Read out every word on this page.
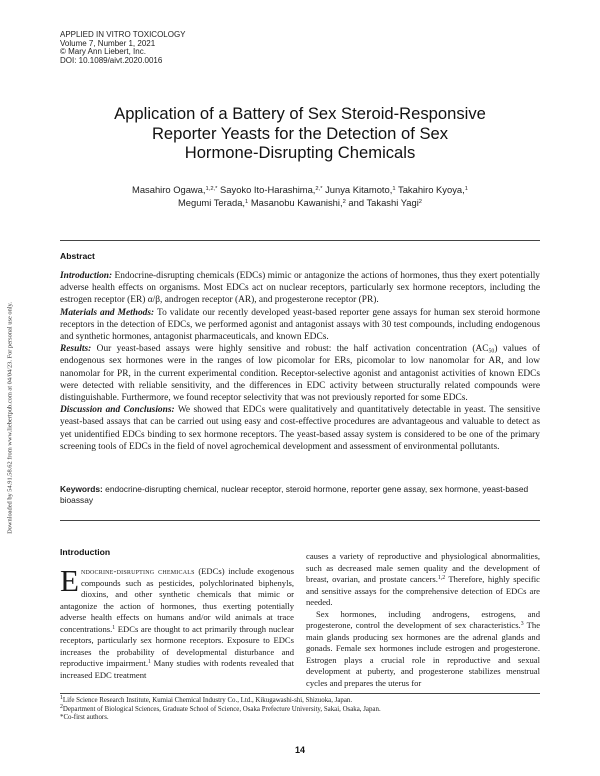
APPLIED IN VITRO TOXICOLOGY
Volume 7, Number 1, 2021
© Mary Ann Liebert, Inc.
DOI: 10.1089/aivt.2020.0016
Downloaded by 54.91.58.62 from www.liebertpub.com at 04/04/23. For personal use only.
Application of a Battery of Sex Steroid-Responsive
Reporter Yeasts for the Detection of Sex
Hormone-Disrupting Chemicals
Masahiro Ogawa,$^{1,2,*}$ Sayoko Ito-Harashima,$^{2,*}$ Junya Kitamoto,$^1$ Takahiro Kyoya,$^1$
Megumi Terada,$^1$ Masanobu Kawanishi,$^2$ and Takashi Yagi$^2$
Abstract

Introduction: Endocrine-disrupting chemicals (EDCs) mimic or antagonize the actions of hormones, thus they exert potentially adverse health effects on organisms. Most EDCs act on nuclear receptors, particularly sex hormone receptors, including the estrogen receptor (ER) α/β, androgen receptor (AR), and progesterone receptor (PR).

Materials and Methods: To validate our recently developed yeast-based reporter gene assays for human sex steroid hormone receptors in the detection of EDCs, we performed agonist and antagonist assays with 30 test compounds, including endogenous and synthetic hormones, antagonist pharmaceuticals, and known EDCs.

Results: Our yeast-based assays were highly sensitive and robust: the half activation concentration $(AC_{50})$ values of endogenous sex hormones were in the ranges of low picomolar for ERs, picomolar to low nanomolar for AR, and low nanomolar for PR, in the current experimental condition. Receptor-selective agonist and antagonist activities of known EDCs were detected with reliable sensitivity, and the differences in EDC activity between structurally related compounds were distinguishable. Furthermore, we found receptor selectivity that was not previously reported for some EDCs.

Discussion and Conclusions: We showed that EDCs were qualitatively and quantitatively detectable in yeast. The sensitive yeast-based assays that can be carried out using easy and cost-effective procedures are advantageous and valuable to detect as yet unidentified EDCs binding to sex hormone receptors. The yeast-based assay system is considered to be one of the primary screening tools of EDCs in the field of novel agrochemical development and assessment of environmental pollutants.

Keywords: endocrine-disrupting chemical, nuclear receptor, steroid hormone, reporter gene assay, sex hormone, yeast-based bioassay
Introduction

Endocrine-disrupting chemicals (EDCs) include exogenous compounds such as pesticides, polychlorinated biphenyls, dioxins, and other synthetic chemicals that mimic or antagonize the action of hormones, thus exerting potentially adverse health effects on humans and/or wild animals at trace concentrations.$^1$ EDCs are thought to act primarily through nuclear receptors, particularly sex hormone receptors. Exposure to EDCs increases the probability of developmental disturbance and reproductive impairment.$^1$ Many studies with rodents revealed that increased EDC treatment

causes a variety of reproductive and physiological abnormalities, such as decreased male semen quality and the development of breast, ovarian, and prostate cancers.$^{1,2}$ Therefore, highly specific and sensitive assays for the comprehensive detection of EDCs are needed.

Sex hormones, including androgens, estrogens, and progesterone, control the development of sex characteristics.$^3$ The main glands producing sex hormones are the adrenal glands and gonads. Female sex hormones include estrogen and progesterone. Estrogen plays a crucial role in reproductive and sexual development at puberty, and progesterone stabilizes menstrual cycles and prepares the uterus for

$^1$Life Science Research Institute, Kumiai Chemical Industry Co., Ltd., Kikugawashi-shi, Shizuoka, Japan.
$^2$Department of Biological Sciences, Graduate School of Science, Osaka Prefecture University, Sakai, Osaka, Japan.
*Co-first authors.
14
